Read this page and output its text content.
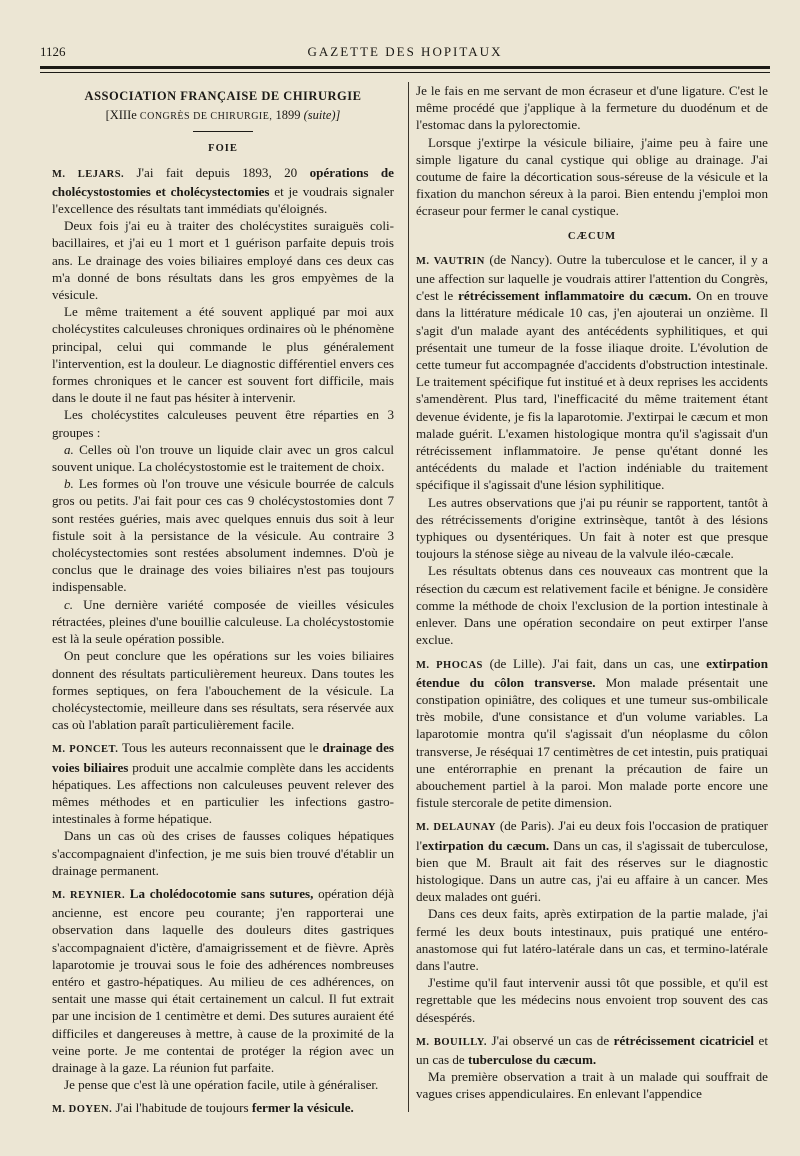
1126	GAZETTE DES HOPITAUX
ASSOCIATION FRANÇAISE DE CHIRURGIE
[XIIIe CONGRÈS DE CHIRURGIE, 1899 (suite)]
FOIE

M. LEJARS. J'ai fait depuis 1893, 20 opérations de cholécystostomies et cholécystectomies et je voudrais signaler l'excellence des résultats tant immédiats qu'éloignés.

Deux fois j'ai eu à traiter des cholécystites suraiguës coli-bacillaires, et j'ai eu 1 mort et 1 guérison parfaite depuis trois ans. Le drainage des voies biliaires employé dans ces deux cas m'a donné de bons résultats dans les gros empyèmes de la vésicule.

Le même traitement a été souvent appliqué par moi aux cholécystites calculeuses chroniques ordinaires où le phénomène principal, celui qui commande le plus généralement l'intervention, est la douleur. Le diagnostic différentiel envers ces formes chroniques et le cancer est souvent fort difficile, mais dans le doute il ne faut pas hésiter à intervenir.

Les cholécystites calculeuses peuvent être réparties en 3 groupes :

a. Celles où l'on trouve un liquide clair avec un gros calcul souvent unique. La cholécystostomie est le traitement de choix.

b. Les formes où l'on trouve une vésicule bourrée de calculs gros ou petits. J'ai fait pour ces cas 9 cholécystostomies dont 7 sont restées guéries, mais avec quelques ennuis dus soit à leur fistule soit à la persistance de la vésicule. Au contraire 3 cholécystectomies sont restées absolument indemnes. D'où je conclus que le drainage des voies biliaires n'est pas toujours indispensable.

c. Une dernière variété composée de vieilles vésicules rétractées, pleines d'une bouillie calculeuse. La cholécystostomie est là la seule opération possible.

On peut conclure que les opérations sur les voies biliaires donnent des résultats particulièrement heureux. Dans toutes les formes septiques, on fera l'abouchement de la vésicule. La cholécystectomie, meilleure dans ses résultats, sera réservée aux cas où l'ablation paraît particulièrement facile.

M. PONCET. Tous les auteurs reconnaissent que le drainage des voies biliaires produit une accalmie complète dans les accidents hépatiques. Les affections non calculeuses peuvent relever des mêmes méthodes et en particulier les infections gastro-intestinales à forme hépatique.

Dans un cas où des crises de fausses coliques hépatiques s'accompagnaient d'infection, je me suis bien trouvé d'établir un drainage permanent.

M. REYNIER. La cholédocotomie sans sutures, opération déjà ancienne, est encore peu courante; j'en rapporterai une observation dans laquelle des douleurs dites gastriques s'accompagnaient d'ictère, d'amaigrissement et de fièvre. Après laparotomie je trouvai sous le foie des adhérences nombreuses entéro et gastro-hépatiques. Au milieu de ces adhérences, on sentait une masse qui était certainement un calcul. Il fut extrait par une incision de 1 centimètre et demi. Des sutures auraient été difficiles et dangereuses à mettre, à cause de la proximité de la veine porte. Je me contentai de protéger la région avec un drainage à la gaze. La réunion fut parfaite.

Je pense que c'est là une opération facile, utile à généraliser.

M. DOYEN. J'ai l'habitude de toujours fermer la vésicule.

Je le fais en me servant de mon écraseur et d'une ligature. C'est le même procédé que j'applique à la fermeture du duodénum et de l'estomac dans la pylorectomie.

Lorsque j'extirpe la vésicule biliaire, j'aime peu à faire une simple ligature du canal cystique qui oblige au drainage. J'ai coutume de faire la décortication sous-séreuse de la vésicule et la fixation du manchon séreux à la paroi. Bien entendu j'emploi mon écraseur pour fermer le canal cystique.

CÆCUM

M. VAUTRIN (de Nancy). Outre la tuberculose et le cancer, il y a une affection sur laquelle je voudrais attirer l'attention du Congrès, c'est le rétrécissement inflammatoire du cæcum. On en trouve dans la littérature médicale 10 cas, j'en ajouterai un onzième. Il s'agit d'un malade ayant des antécédents syphilitiques, et qui présentait une tumeur de la fosse iliaque droite. L'évolution de cette tumeur fut accompagnée d'accidents d'obstruction intestinale. Le traitement spécifique fut institué et à deux reprises les accidents s'amendèrent. Plus tard, l'inefficacité du même traitement étant devenue évidente, je fis la laparotomie. J'extirpai le cæcum et mon malade guérit. L'examen histologique montra qu'il s'agissait d'un rétrécissement inflammatoire. Je pense qu'étant donné les antécédents du malade et l'action indéniable du traitement spécifique il s'agissait d'une lésion syphilitique.

Les autres observations que j'ai pu réunir se rapportent, tantôt à des rétrécissements d'origine extrinsèque, tantôt à des lésions typhiques ou dysentériques. Un fait à noter est que presque toujours la sténose siège au niveau de la valvule iléo-cæcale.

Les résultats obtenus dans ces nouveaux cas montrent que la résection du cæcum est relativement facile et bénigne. Je considère comme la méthode de choix l'exclusion de la portion intestinale à enlever. Dans une opération secondaire on peut extirper l'anse exclue.

M. PHOCAS (de Lille). J'ai fait, dans un cas, une extirpation étendue du côlon transverse. Mon malade présentait une constipation opiniâtre, des coliques et une tumeur sus-ombilicale très mobile, d'une consistance et d'un volume variables. La laparotomie montra qu'il s'agissait d'un néoplasme du côlon transverse, Je réséquai 17 centimètres de cet intestin, puis pratiquai une entérorraphie en prenant la précaution de faire un abouchement partiel à la paroi. Mon malade porte encore une fistule stercorale de petite dimension.

M. DELAUNAY (de Paris). J'ai eu deux fois l'occasion de pratiquer l'extirpation du cæcum. Dans un cas, il s'agissait de tuberculose, bien que M. Brault ait fait des réserves sur le diagnostic histologique. Dans un autre cas, j'ai eu affaire à un cancer. Mes deux malades ont guéri.

Dans ces deux faits, après extirpation de la partie malade, j'ai fermé les deux bouts intestinaux, puis pratiqué une entéro-anastomose qui fut latéro-latérale dans un cas, et termino-latérale dans l'autre.

J'estime qu'il faut intervenir aussi tôt que possible, et qu'il est regrettable que les médecins nous envoient trop souvent des cas désespérés.

M. BOUILLY. J'ai observé un cas de rétrécissement cicatriciel et un cas de tuberculose du cæcum.

Ma première observation a trait à un malade qui souffrait de vagues crises appendiculaires. En enlevant l'appendice
